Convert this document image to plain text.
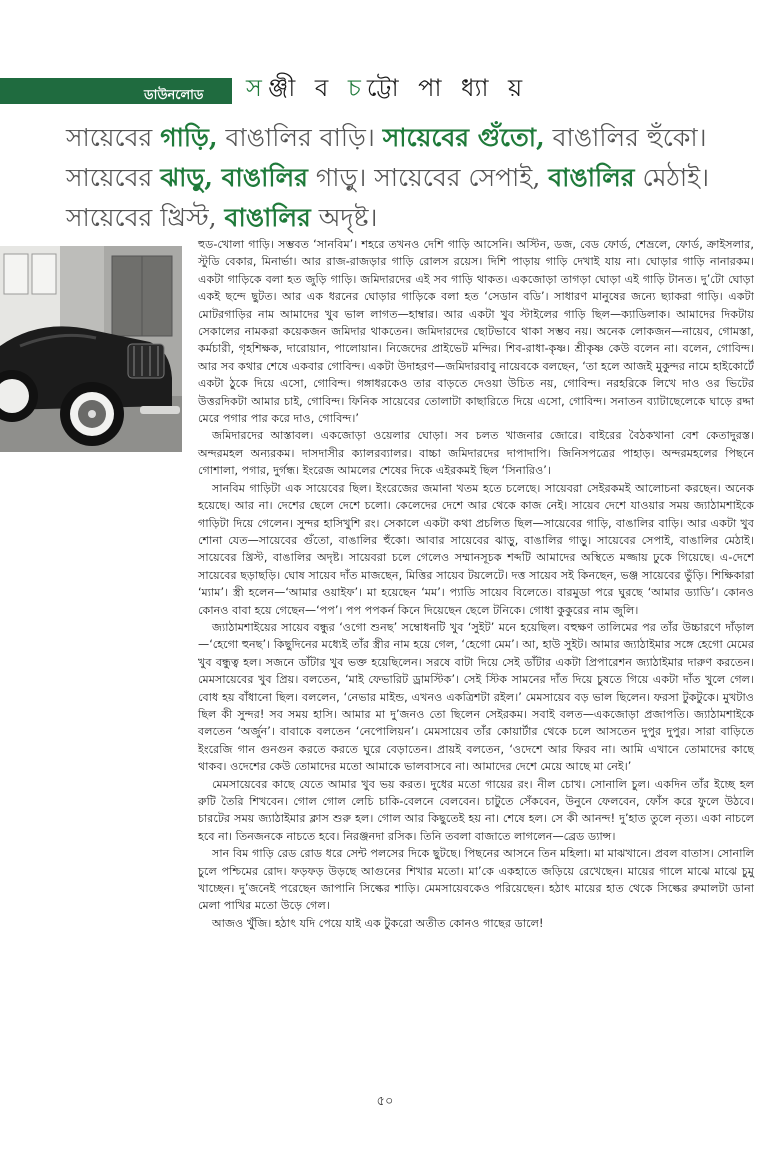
ডাউনলোড সঞ্জী ব চট্টো পা ধ্যা য়
সায়েবের গাড়ি, বাঙালির বাড়ি। সায়েবের গুঁতো, বাঙালির হুঁকো।
সায়েবের ঝাড়ু, বাঙালির গাড়ু। সায়েবের সেপাই, বাঙালির মেঠাই।
সায়েবের খ্রিস্ট, বাঙালির অদৃষ্ট।

হুড-খোলা গাড়ি। সম্ভবত ‘সানবিম’। শহরে তখনও দেশি গাড়ি আসেনি। অস্টিন, ডজ, বেড ফোর্ড, শেভ্রলে, ফোর্ড, ক্রাইসলার, স্টুডি বেকার, মিনার্ভা। আর রাজ-রাজড়ার গাড়ি রোলস রয়েস। দিশি পাড়ায় গাড়ি দেখাই যায় না। ঘোড়ার গাড়ি নানারকম। একটা গাড়িকে বলা হত জুড়ি গাড়ি। জমিদারদের এই সব গাড়ি থাকত। একজোড়া তাগড়া ঘোড়া এই গাড়ি টানত। দু’টো ঘোড়া একই ছন্দে ছুটত। আর এক ধরনের ঘোড়ার গাড়িকে বলা হত ‘সেডান বডি’। সাধারণ মানুষের জন্যে ছ্যাকরা গাড়ি। একটা মোটরগাড়ির নাম আমাদের খুব ভাল লাগত—হাম্বার। আর একটা খুব স্টাইলের গাড়ি ছিল—ক্যাডিলাক। আমাদের দিকটায় সেকালের নামকরা কয়েকজন জমিদার থাকতেন। জমিদারদের ছোটভাবে থাকা সম্ভব নয়। অনেক লোকজন—নায়েব, গোমস্তা, কর্মচারী, গৃহশিক্ষক, দারোয়ান, পালোয়ান। নিজেদের প্রাইভেট মন্দির। শিব-রাধা-কৃষ্ণ। শ্রীকৃষ্ণ কেউ বলেন না। বলেন, গোবিন্দ। আর সব কথার শেষে একবার গোবিন্দ। একটা উদাহরণ—জমিদারবাবু নায়েবকে বলছেন, ‘তা হলে আজই মুকুন্দর নামে হাইকোর্টে একটা ঠুকে দিয়ে এসো, গোবিন্দ। গঙ্গাধরকেও তার বাড়তে দেওয়া উচিত নয়, গোবিন্দ। নরহরিকে লিখে দাও ওর ভিটের উত্তরদিকটা আমার চাই, গোবিন্দ। ফিনিক সায়েবের তোলাটা কাছারিতে দিয়ে এসো, গোবিন্দ। সনাতন ব্যাটাছেলেকে ঘাড়ে রদ্দা মেরে পগার পার করে দাও, গোবিন্দ।’

জমিদারদের আস্তাবল। একজোড়া ওয়েলার ঘোড়া। সব চলত খাজনার জোরে। বাইরের বৈঠকখানা বেশ কেতাদুরস্ত। অন্দরমহল অন্যরকম। দাসদাসীর ক্যালরব্যালর। বাচ্চা জমিদারদের দাপাদাপি। জিনিসপত্রের পাহাড়। অন্দরমহলের পিছনে গোশালা, পগার, দুর্গন্ধ। ইংরেজ আমলের শেষের দিকে এইরকমই ছিল ‘সিনারিও’।

সানবিম গাড়িটা এক সায়েবের ছিল। ইংরেজের জমানা খতম হতে চলেছে। সায়েবরা সেইরকমই আলোচনা করছেন। অনেক হয়েছে। আর না। দেশের ছেলে দেশে চলো। কেলেদের দেশে আর থেকে কাজ নেই। সায়েব দেশে যাওয়ার সময় জ্যাঠামশাইকে গাড়িটা দিয়ে গেলেন। সুন্দর হাসিখুশি রং। সেকালে একটা কথা প্রচলিত ছিল—সায়েবের গাড়ি, বাঙালির বাড়ি। আর একটা খুব শোনা যেত—সায়েবের গুঁতো, বাঙালির হুঁকো। আবার সায়েবের ঝাড়ু, বাঙালির গাড়ু। সায়েবের সেপাই, বাঙালির মেঠাই। সায়েবের খ্রিস্ট, বাঙালির অদৃষ্ট। সায়েবরা চলে গেলেও সম্মানসূচক শব্দটি আমাদের অস্থিতে মজ্জায় ঢুকে গিয়েছে। এ-দেশে সায়েবের ছড়াছড়ি। ঘোষ সায়েব দাঁত মাজছেন, মিত্তির সায়েব টয়লেটে। দত্ত সায়েব সই কিনছেন, ভঞ্জ সায়েবের ভুঁড়ি। শিক্ষিকারা ‘ম্যাম’। স্ত্রী হলেন—‘আমার ওয়াইফ’। মা হয়েছেন ‘মম’। প্যাডি সায়েব বিলেতে। বারমুডা পরে ঘুরছে ‘আমার ড্যাডি’। কোনও কোনও বাবা হয়ে গেছেন—‘পপ’। পপ পপকর্ন কিনে দিয়েছেন ছেলে টনিকে। গোধা কুকুরের নাম জুলি।

জ্যাঠামশাইয়ের সায়েব বন্ধুর ‘ওগো শুনছ’ সম্বোধনটি খুব ‘সুইট’ মনে হয়েছিল। বহুক্ষণ তালিমের পর তাঁর উচ্চারণে দাঁড়াল—‘হেগো হুনছ’। কিছুদিনের মধ্যেই তাঁর স্ত্রীর নাম হয়ে গেল, ‘হেগো মেম’। আ, হাউ সুইট। আমার জ্যাঠাইমার সঙ্গে হেগো মেমের খুব বন্ধুত্ব হল। সজনে ডাঁটার খুব ভক্ত হয়েছিলেন। সরষে বাটা দিয়ে সেই ডাঁটার একটা প্রিপারেশন জ্যাঠাইমার দারুণ করতেন। মেমসায়েবের খুব প্রিয়। বলতেন, ‘মাই ফেভারিট ড্রামস্টিক’। সেই স্টিক সামনের দাঁত দিয়ে চুষতে গিয়ে একটা দাঁত খুলে গেল। বোধ হয় বাঁধানো ছিল। বললেন, ‘নেভার মাইন্ড, এখনও একত্রিশটা রইল।’ মেমসায়েব বড় ভাল ছিলেন। ফরসা টুকটুকে। মুখটাও ছিল কী সুন্দর! সব সময় হাসি। আমার মা দু’জনও তো ছিলেন সেইরকম। সবাই বলত—একজোড়া প্রজাপতি। জ্যাঠামশাইকে বলতেন ‘অর্জুন’। বাবাকে বলতেন ‘নেপোলিয়ন’। মেমসায়েব তাঁর কোয়ার্টার থেকে চলে আসতেন দুপুর দুপুর। সারা বাড়িতে ইংরেজি গান গুনগুন করতে করতে ঘুরে বেড়াতেন। প্রায়ই বলতেন, ‘ওদেশে আর ফিরব না। আমি এখানে তোমাদের কাছে থাকব। ওদেশের কেউ তোমাদের মতো আমাকে ভালবাসবে না। আমাদের দেশে মেয়ে আছে মা নেই।’

মেমসায়েবের কাছে যেতে আমার খুব ভয় করত। দুধের মতো গায়ের রং। নীল চোখ। সোনালি চুল। একদিন তাঁর ইচ্ছে হল রুটি তৈরি শিখবেন। গোল গোল লেচি চাকি-বেলনে বেলবেন। চাটুতে সেঁকবেন, উনুনে ফেলবেন, ফোঁস করে ফুলে উঠবে। চারটের সময় জ্যাঠাইমার ক্লাস শুরু হল। গোল আর কিছুতেই হয় না। শেষে হল। সে কী আনন্দ! দু’হাত তুলে নৃত্য। একা নাচলে হবে না। তিনজনকে নাচতে হবে। নিরঞ্জনদা রসিক। তিনি তবলা বাজাতে লাগলেন—ব্রেড ড্যান্স।

সান বিম গাড়ি রেড রোড ধরে সেন্ট পলসের দিকে ছুটছে। পিছনের আসনে তিন মহিলা। মা মাঝখানে। প্রবল বাতাস। সোনালি চুলে পশ্চিমের রোদ। ফড়ফড় উড়ছে আগুনের শিখার মতো। মা’কে একহাতে জড়িয়ে রেখেছেন। মায়ের গালে মাঝে মাঝে চুমু খাচ্ছেন। দু’জনেই পরেছেন জাপানি সিল্কের শাড়ি। মেমসায়েবকেও পরিয়েছেন। হঠাৎ মায়ের হাত থেকে সিল্কের রুমালটা ডানা মেলা পাখির মতো উড়ে গেল।

আজও খুঁজি। হঠাৎ যদি পেয়ে যাই এক টুকরো অতীত কোনও গাছের ডালে!

৫০
